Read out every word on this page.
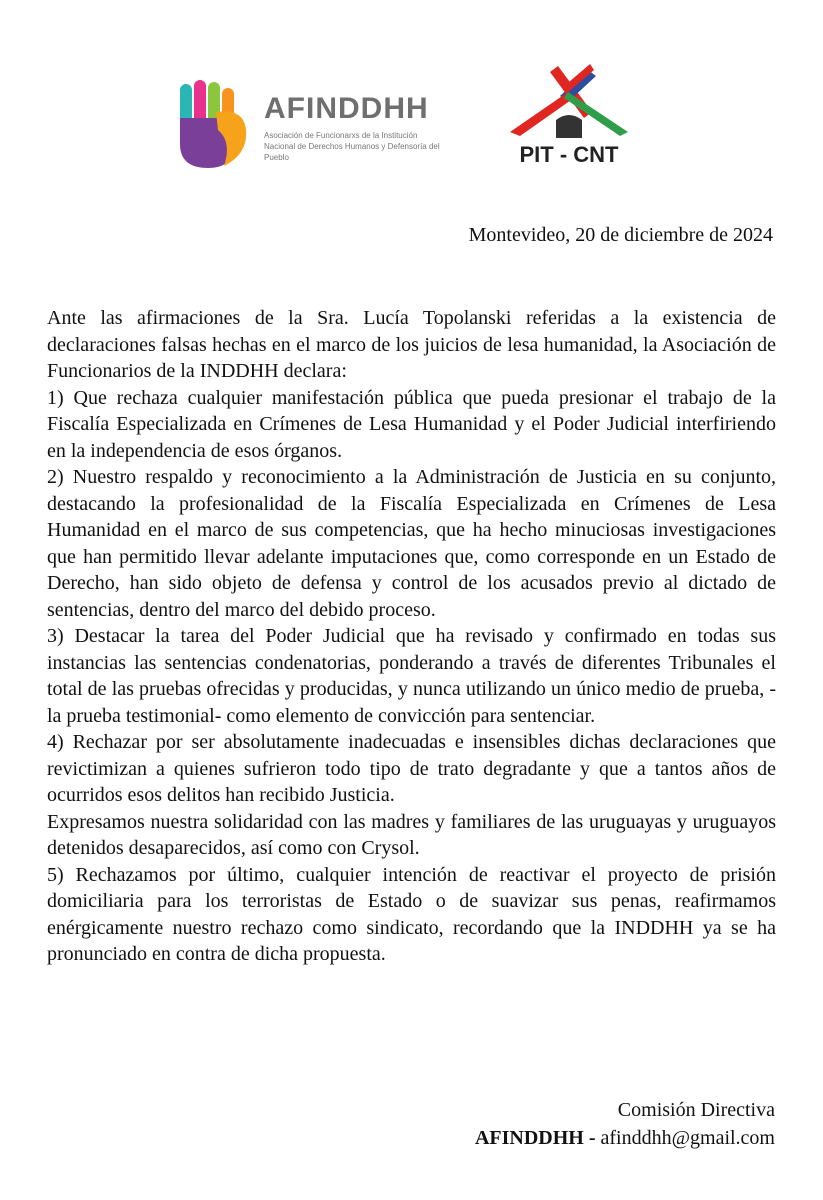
AFINDDHH
Asociación de Funcionarxs de la Institución Nacional de Derechos Humanos y Defensoría del Pueblo	PIT - CNT
Montevideo, 20 de diciembre de 2024

Ante las afirmaciones de la Sra. Lucía Topolanski referidas a la existencia de declaraciones falsas hechas en el marco de los juicios de lesa humanidad, la Asociación de Funcionarios de la INDDHH declara:

1) Que rechaza cualquier manifestación pública que pueda presionar el trabajo de la Fiscalía Especializada en Crímenes de Lesa Humanidad y el Poder Judicial interfiriendo en la independencia de esos órganos.

2) Nuestro respaldo y reconocimiento a la Administración de Justicia en su conjunto, destacando la profesionalidad de la Fiscalía Especializada en Crímenes de Lesa Humanidad en el marco de sus competencias, que ha hecho minuciosas investigaciones que han permitido llevar adelante imputaciones que, como corresponde en un Estado de Derecho, han sido objeto de defensa y control de los acusados previo al dictado de sentencias, dentro del marco del debido proceso.

3) Destacar la tarea del Poder Judicial que ha revisado y confirmado en todas sus instancias las sentencias condenatorias, ponderando a través de diferentes Tribunales el total de las pruebas ofrecidas y producidas, y nunca utilizando un único medio de prueba, -la prueba testimonial- como elemento de convicción para sentenciar.

4) Rechazar por ser absolutamente inadecuadas e insensibles dichas declaraciones que revictimizan a quienes sufrieron todo tipo de trato degradante y que a tantos años de ocurridos esos delitos han recibido Justicia.

Expresamos nuestra solidaridad con las madres y familiares de las uruguayas y uruguayos detenidos desaparecidos, así como con Crysol.

5) Rechazamos por último, cualquier intención de reactivar el proyecto de prisión domiciliaria para los terroristas de Estado o de suavizar sus penas, reafirmamos enérgicamente nuestro rechazo como sindicato, recordando que la INDDHH ya se ha pronunciado en contra de dicha propuesta.

Comisión Directiva
AFINDDHH - afinddhh@gmail.com
